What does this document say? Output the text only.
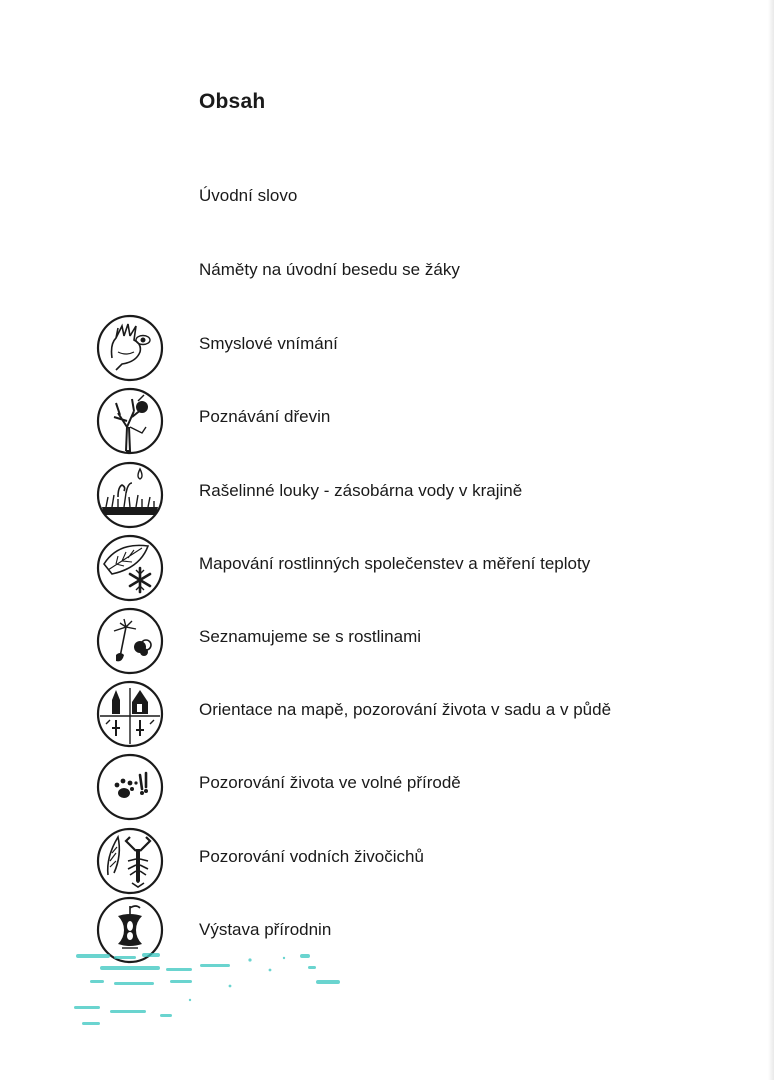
Obsah
Úvodní slovo
Náměty na úvodní besedu se žáky
Smyslové vnímání
Poznávání dřevin
Rašelinné louky - zásobárna vody v krajině
Mapování rostlinných společenstev a měření teploty
Seznamujeme se s rostlinami
Orientace na mapě, pozorování života v sadu a v půdě
Pozorování života ve volné přírodě
Pozorování vodních živočichů
Výstava přírodnin
